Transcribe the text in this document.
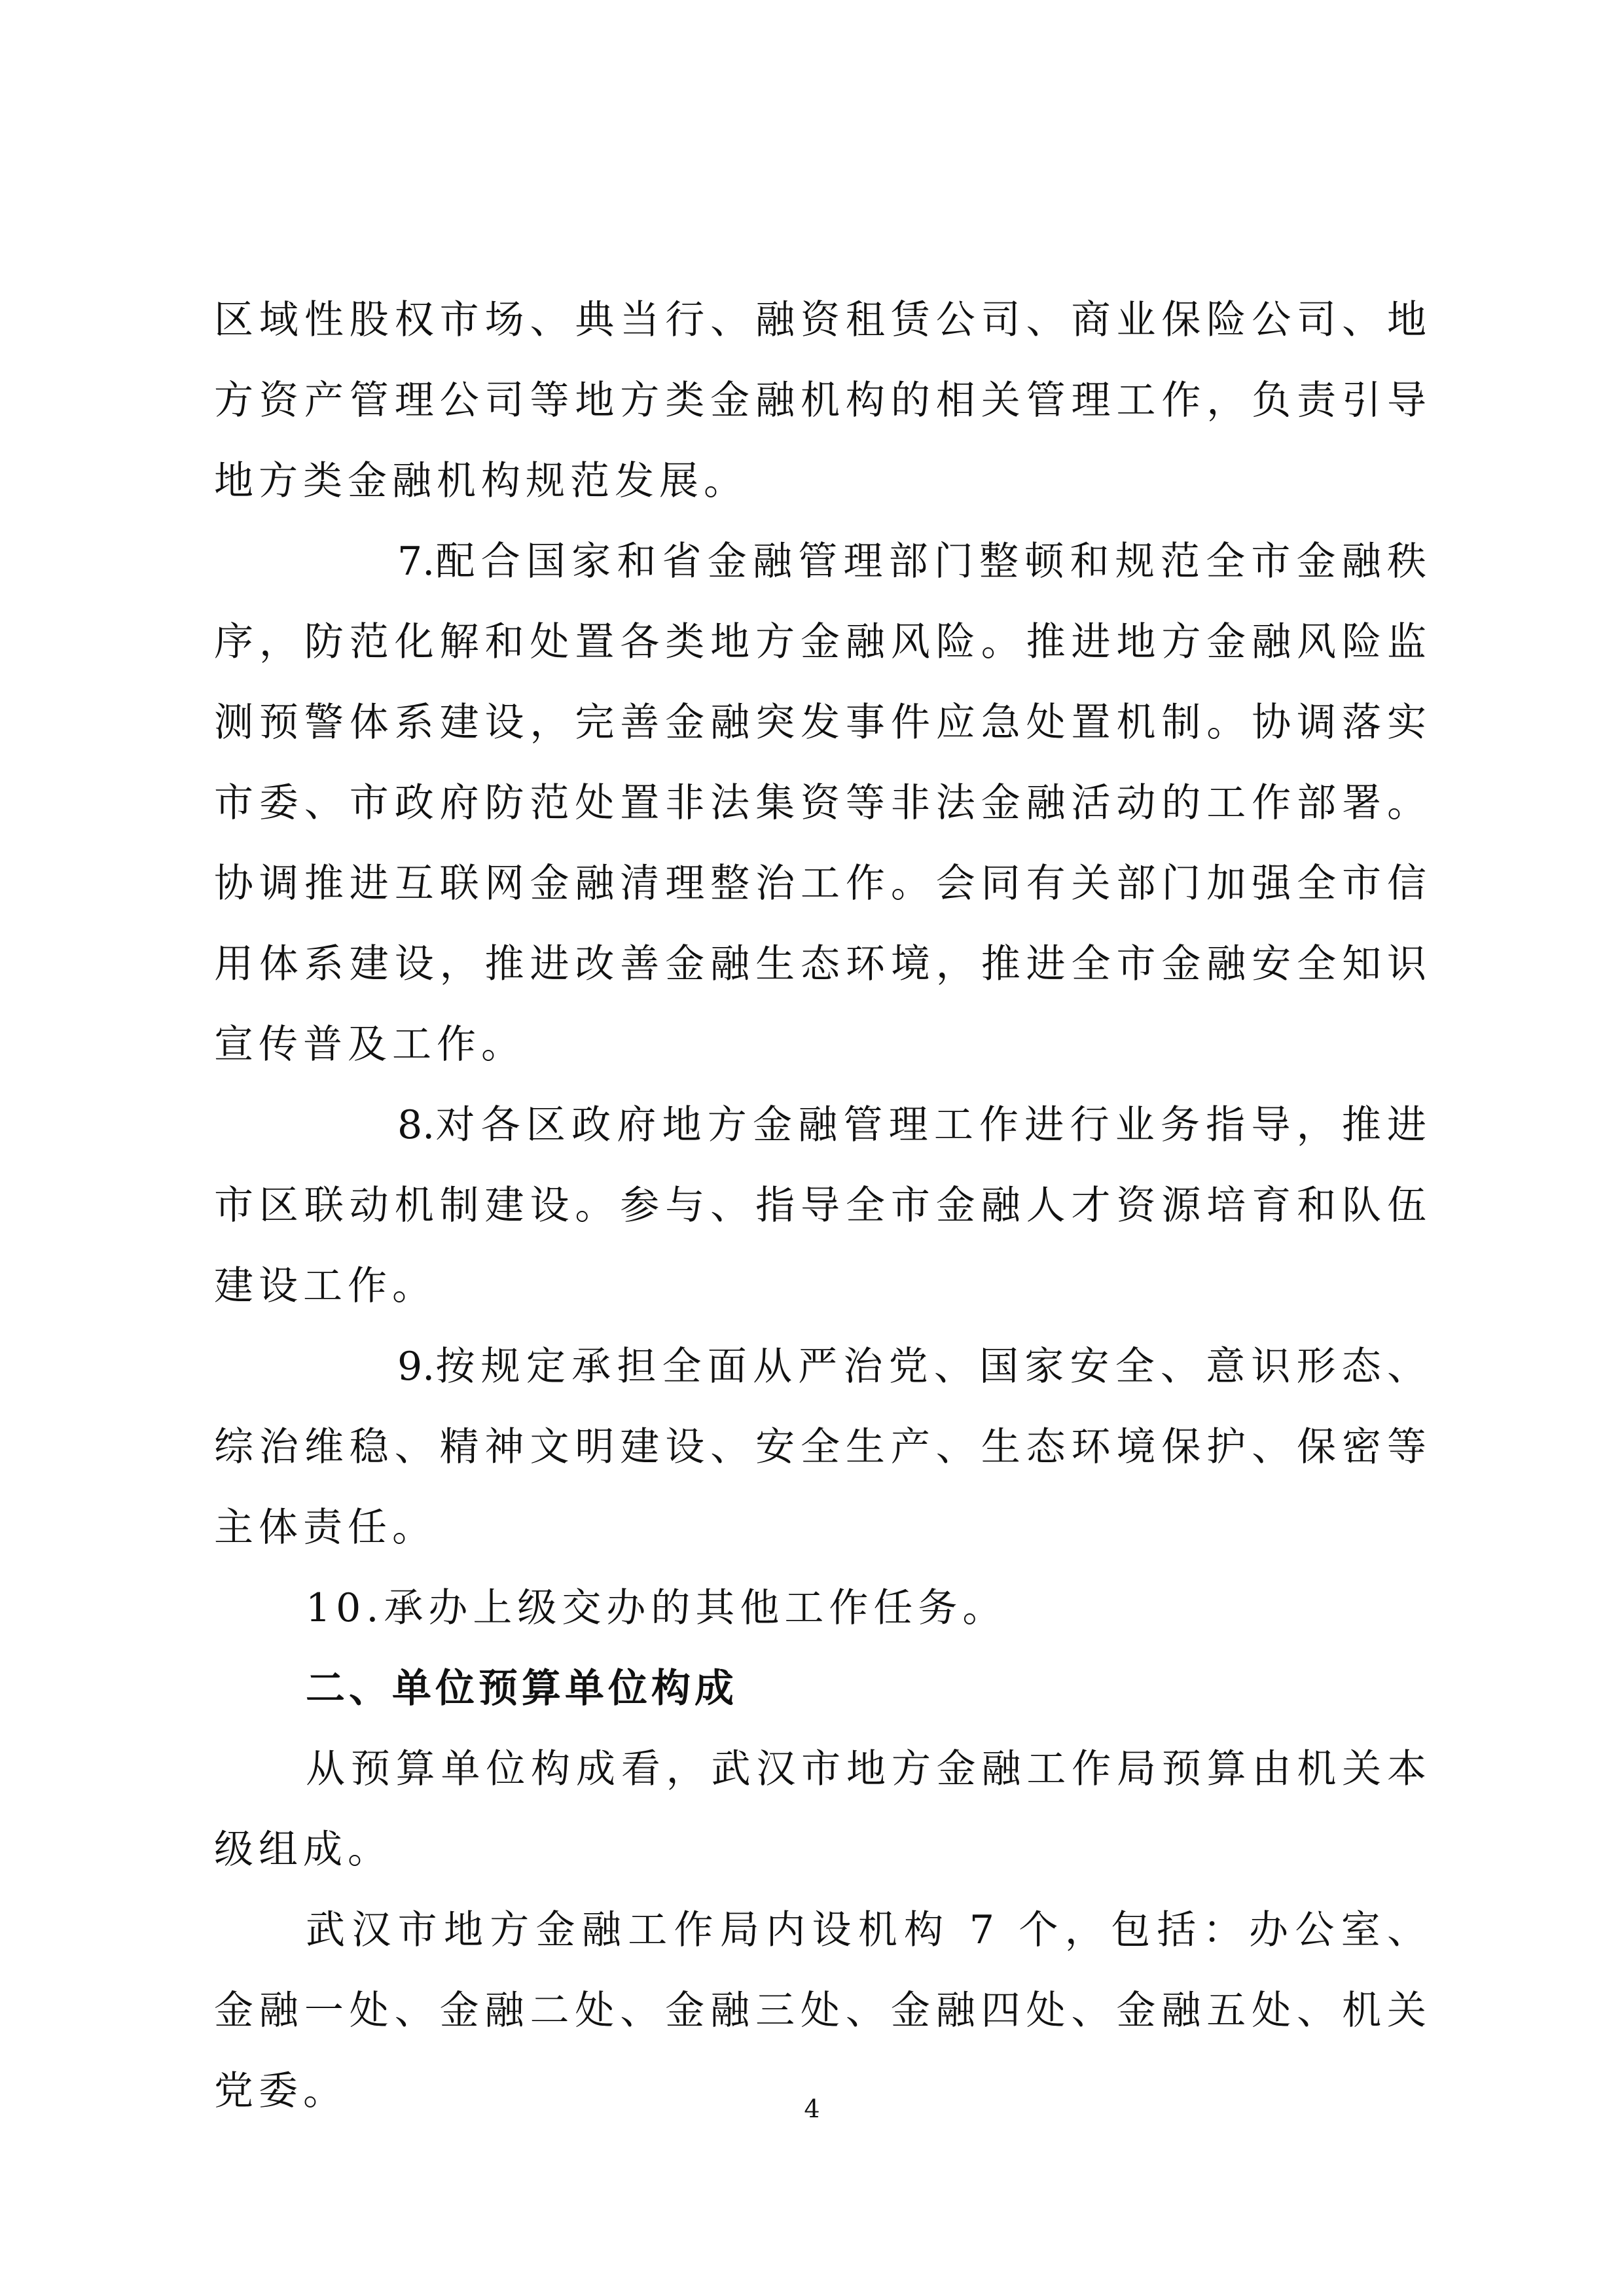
区域性股权市场、典当行、融资租赁公司、商业保险公司、地方资产管理公司等地方类金融机构的相关管理工作，负责引导地方类金融机构规范发展。

7.配合国家和省金融管理部门整顿和规范全市金融秩序，防范化解和处置各类地方金融风险。推进地方金融风险监测预警体系建设，完善金融突发事件应急处置机制。协调落实市委、市政府防范处置非法集资等非法金融活动的工作部署。协调推进互联网金融清理整治工作。会同有关部门加强全市信用体系建设，推进改善金融生态环境，推进全市金融安全知识宣传普及工作。

8.对各区政府地方金融管理工作进行业务指导，推进市区联动机制建设。参与、指导全市金融人才资源培育和队伍建设工作。

9.按规定承担全面从严治党、国家安全、意识形态、综治维稳、精神文明建设、安全生产、生态环境保护、保密等主体责任。

10.承办上级交办的其他工作任务。

二、单位预算单位构成

从预算单位构成看，武汉市地方金融工作局预算由机关本级组成。

武汉市地方金融工作局内设机构 7 个，包括：办公室、金融一处、金融二处、金融三处、金融四处、金融五处、机关党委。	4
